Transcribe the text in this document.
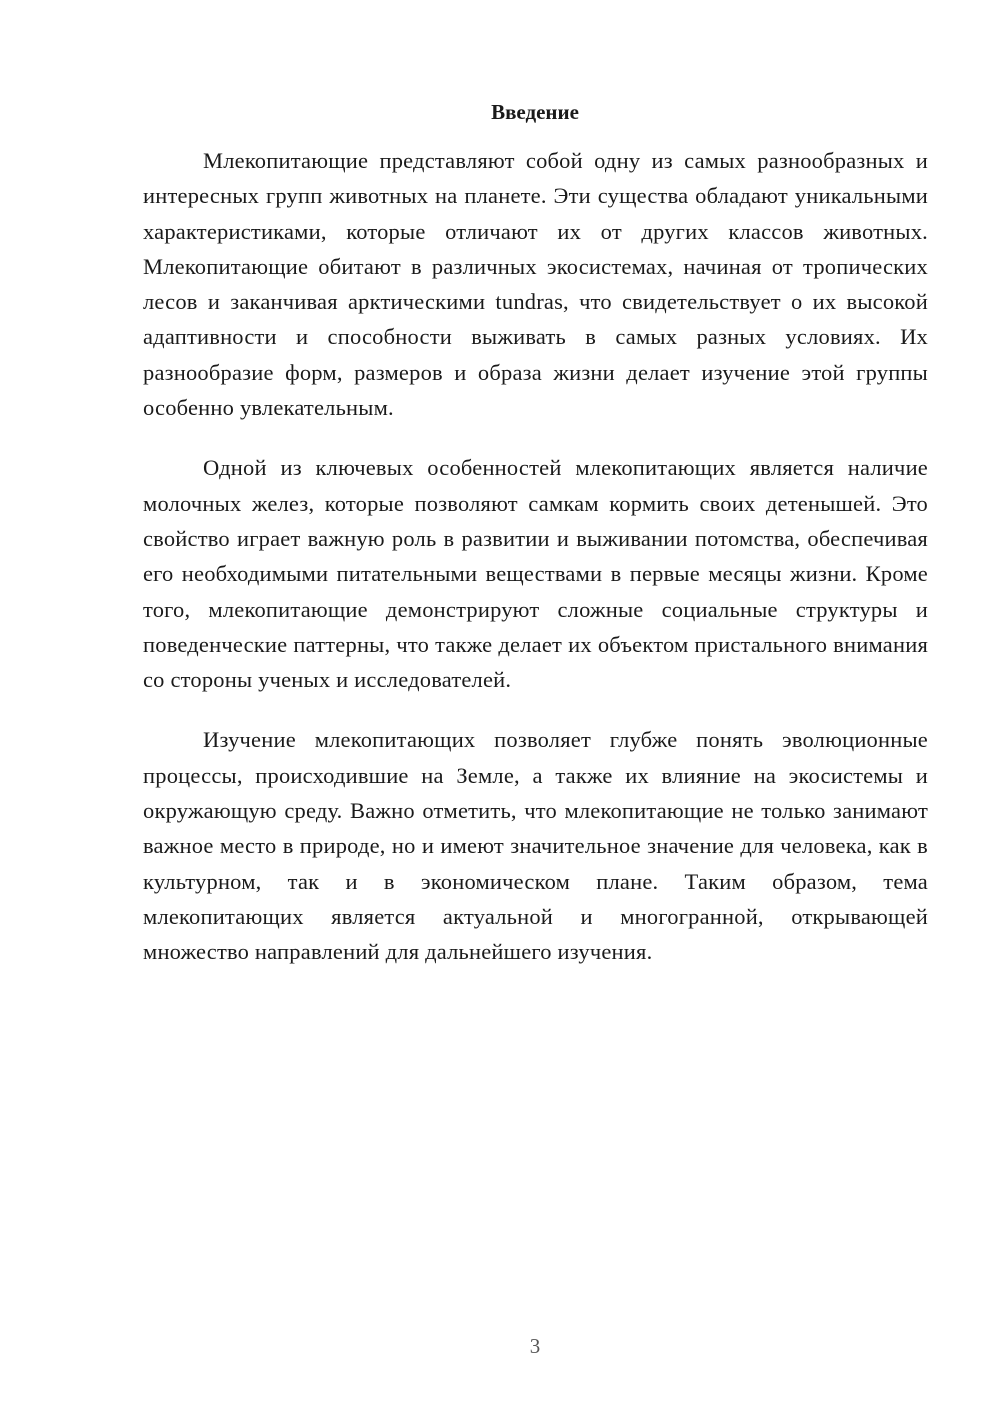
Введение

Млекопитающие представляют собой одну из самых разнообразных и интересных групп животных на планете. Эти существа обладают уникальными характеристиками, которые отличают их от других классов животных. Млекопитающие обитают в различных экосистемах, начиная от тропических лесов и заканчивая арктическими tundras, что свидетельствует о их высокой адаптивности и способности выживать в самых разных условиях. Их разнообразие форм, размеров и образа жизни делает изучение этой группы особенно увлекательным.

Одной из ключевых особенностей млекопитающих является наличие молочных желез, которые позволяют самкам кормить своих детенышей. Это свойство играет важную роль в развитии и выживании потомства, обеспечивая его необходимыми питательными веществами в первые месяцы жизни. Кроме того, млекопитающие демонстрируют сложные социальные структуры и поведенческие паттерны, что также делает их объектом пристального внимания со стороны ученых и исследователей.

Изучение млекопитающих позволяет глубже понять эволюционные процессы, происходившие на Земле, а также их влияние на экосистемы и окружающую среду. Важно отметить, что млекопитающие не только занимают важное место в природе, но и имеют значительное значение для человека, как в культурном, так и в экономическом плане. Таким образом, тема млекопитающих является актуальной и многогранной, открывающей множество направлений для дальнейшего изучения.

3
